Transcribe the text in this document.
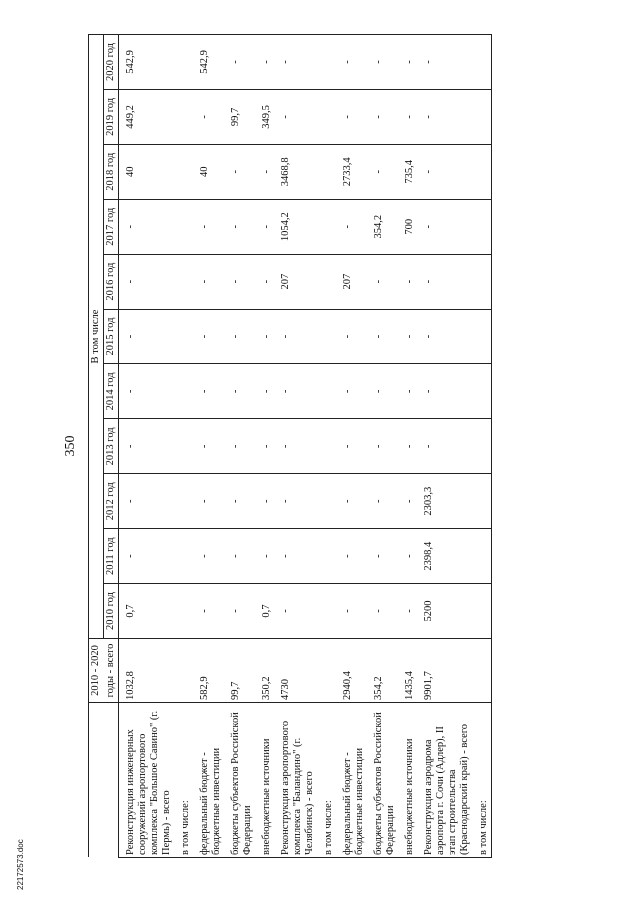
350
	2010 - 2020	В том числе										
	годы - всего	2010 год	2011 год	2012 год	2013 год	2014 год	2015 год	2016 год	2017 год	2018 год	2019 год	2020 год
Реконструкция инженерных сооружений аэропортового комплекса "Большое Савино" (г. Пермь) - всего	1032,8	0,7	-	-	-	-	-	-	-	40	449,2	542,9
в том числе:												
федеральный бюджет - бюджетные инвестиции	582,9	-	-	-	-	-	-	-	-	40	-	542,9
бюджеты субъектов Российской Федерации	99,7	-	-	-	-	-	-	-	-	-	99,7	-
внебюджетные источники	350,2	0,7	-	-	-	-	-	-	-	-	349,5	-
Реконструкция аэропортового комплекса "Баландино" (г. Челябинск) - всего	4730	-	-	-	-	-	-	207	1054,2	3468,8	-	-
в том числе:												
федеральный бюджет - бюджетные инвестиции	2940,4	-	-	-	-	-	-	207	-	2733,4	-	-
бюджеты субъектов Российской Федерации	354,2	-	-	-	-	-	-	-	354,2	-	-	-
внебюджетные источники	1435,4	-	-	-	-	-	-	-	700	735,4	-	-
Реконструкция аэродрома аэропорта г. Сочи (Адлер), II этап строительства (Краснодарский край) - всего	9901,7	5200	2398,4	2303,3	-	-	-	-	-	-	-	-
в том числе:												
22172573.doc
